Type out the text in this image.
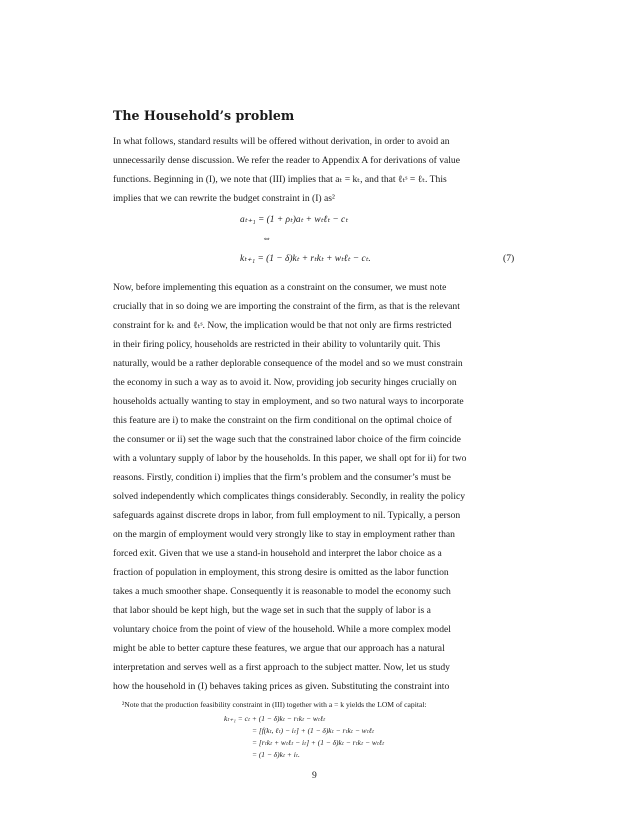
The Household’s problem
In what follows, standard results will be offered without derivation, in order to avoid an
unnecessarily dense discussion. We refer the reader to Appendix A for derivations of value
functions. Beginning in (I), we note that (III) implies that aₜ = kₜ, and that ℓₜˢ = ℓₜ. This
implies that we can rewrite the budget constraint in (I) as²
aₜ₊₁ = (1 + ρₜ)aₜ + wₜℓₜ − cₜ
⇔
kₜ₊₁ = (1 − δ)kₜ + rₜkₜ + wₜℓₜ − cₜ.	(7)
Now, before implementing this equation as a constraint on the consumer, we must note
crucially that in so doing we are importing the constraint of the firm, as that is the relevant
constraint for kₜ and ℓₜˢ. Now, the implication would be that not only are firms restricted
in their firing policy, households are restricted in their ability to voluntarily quit. This
naturally, would be a rather deplorable consequence of the model and so we must constrain
the economy in such a way as to avoid it. Now, providing job security hinges crucially on
households actually wanting to stay in employment, and so two natural ways to incorporate
this feature are i) to make the constraint on the firm conditional on the optimal choice of
the consumer or ii) set the wage such that the constrained labor choice of the firm coincide
with a voluntary supply of labor by the households. In this paper, we shall opt for ii) for two
reasons. Firstly, condition i) implies that the firm’s problem and the consumer’s must be
solved independently which complicates things considerably. Secondly, in reality the policy
safeguards against discrete drops in labor, from full employment to nil. Typically, a person
on the margin of employment would very strongly like to stay in employment rather than
forced exit. Given that we use a stand-in household and interpret the labor choice as a
fraction of population in employment, this strong desire is omitted as the labor function
takes a much smoother shape. Consequently it is reasonable to model the economy such
that labor should be kept high, but the wage set in such that the supply of labor is a
voluntary choice from the point of view of the household. While a more complex model
might be able to better capture these features, we argue that our approach has a natural
interpretation and serves well as a first approach to the subject matter. Now, let us study
how the household in (I) behaves taking prices as given. Substituting the constraint into
²Note that the production feasibility constraint in (III) together with a = k yields the LOM of capital:
kₜ₊₁ = cₜ + (1 − δ)kₜ − rₜkₜ − wₜℓₜ
= [f(kₜ, ℓₜ) − iₜ] + (1 − δ)kₜ − rₜkₜ − wₜℓₜ
= [rₜkₜ + wₜℓₜ − iₜ] + (1 − δ)kₜ − rₜkₜ − wₜℓₜ
= (1 − δ)kₜ + iₜ.
9
